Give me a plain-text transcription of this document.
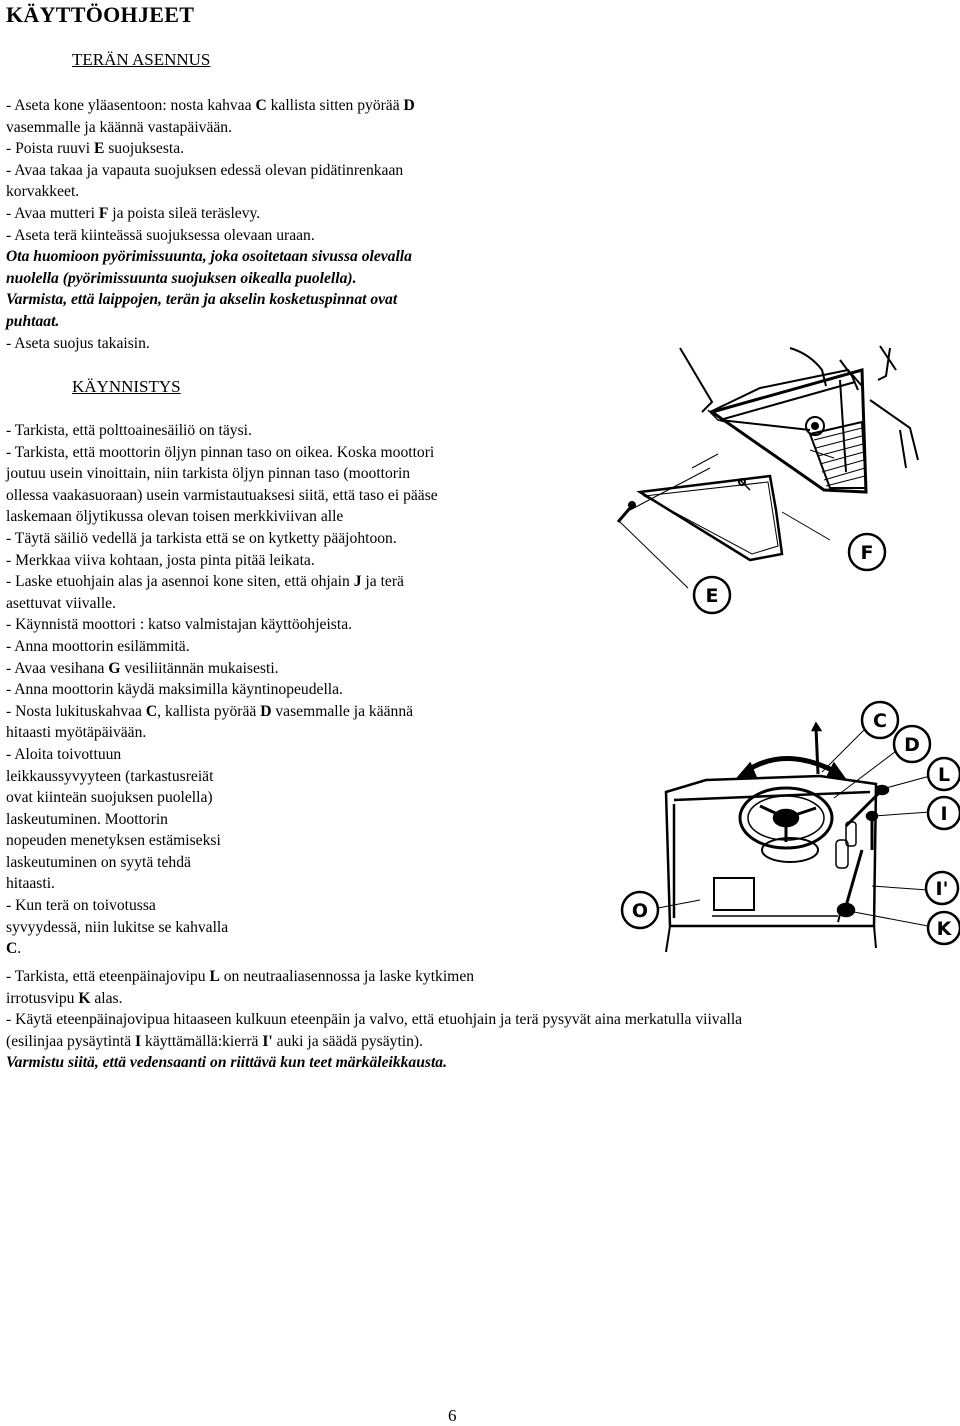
KÄYTTÖOHJEET
TERÄN ASENNUS

- Aseta kone yläasentoon: nosta kahvaa C kallista sitten pyörää D

vasemmalle ja käännä vastapäivään.

- Poista ruuvi E suojuksesta.

- Avaa takaa ja vapauta suojuksen edessä olevan pidätinrenkaan

korvakkeet.

- Avaa mutteri F ja poista sileä teräslevy.

- Aseta terä kiinteässä suojuksessa olevaan uraan.

Ota huomioon pyörimissuunta, joka osoitetaan sivussa olevalla

nuolella (pyörimissuunta suojuksen oikealla puolella).

Varmista, että laippojen, terän ja akselin kosketuspinnat ovat

puhtaat.

- Aseta suojus takaisin.

KÄYNNISTYS

- Tarkista, että polttoainesäiliö on täysi.

- Tarkista, että moottorin öljyn pinnan taso on oikea. Koska moottori

joutuu usein vinoittain, niin tarkista öljyn pinnan taso (moottorin

ollessa vaakasuoraan) usein varmistautuaksesi siitä, että taso ei pääse

laskemaan öljytikussa olevan toisen merkkiviivan alle

- Täytä säiliö vedellä ja tarkista että se on kytketty pääjohtoon.

- Merkkaa viiva kohtaan, josta pinta pitää leikata.

- Laske etuohjain alas ja asennoi kone siten, että ohjain J ja terä

asettuvat viivalle.

- Käynnistä moottori : katso valmistajan käyttöohjeista.

- Anna moottorin esilämmitä.

- Avaa vesihana G vesiliitännän mukaisesti.

- Anna moottorin käydä maksimilla käyntinopeudella.

- Nosta lukituskahvaa C, kallista pyörää D vasemmalle ja käännä

hitaasti myötäpäivään.

- Aloita toivottuun

leikkaussyvyyteen (tarkastusreiät

ovat kiinteän suojuksen puolella)

laskeutuminen. Moottorin

nopeuden menetyksen estämiseksi

laskeutuminen on syytä tehdä

hitaasti.

- Kun terä on toivotussa

syvyydessä, niin lukitse se kahvalla

C.

- Tarkista, että eteenpäinajovipu L on neutraaliasennossa ja laske kytkimen

irrotusvipu K alas.

- Käytä eteenpäinajovipua hitaaseen kulkuun eteenpäin ja valvo, että etuohjain ja terä pysyvät aina merkatulla viivalla

(esilinjaa pysäytintä I käyttämällä:kierrä I' auki ja säädä pysäytin).

Varmistu siitä, että vedensaanti on riittävä kun teet märkäleikkausta.

E
F
C
D
L
I
I'
K
O
6
